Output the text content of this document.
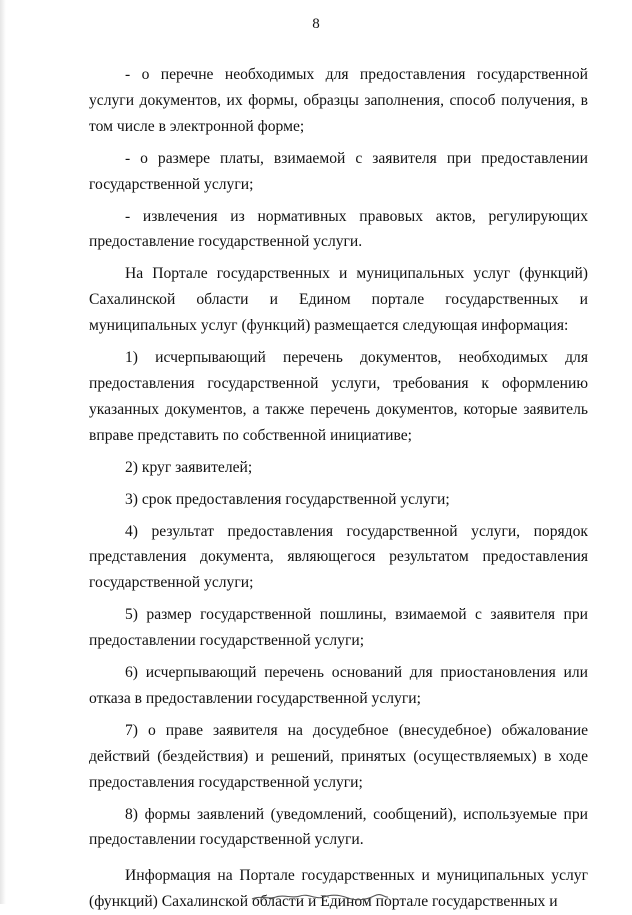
8

- о перечне необходимых для предоставления государственной услуги документов, их формы, образцы заполнения, способ получения, в том числе в электронной форме;

- о размере платы, взимаемой с заявителя при предоставлении государственной услуги;

- извлечения из нормативных правовых актов, регулирующих предоставление государственной услуги.

На Портале государственных и муниципальных услуг (функций) Сахалинской области и Едином портале государственных и муниципальных услуг (функций) размещается следующая информация:

1) исчерпывающий перечень документов, необходимых для предоставления государственной услуги, требования к оформлению указанных документов, а также перечень документов, которые заявитель вправе представить по собственной инициативе;

2) круг заявителей;

3) срок предоставления государственной услуги;

4) результат предоставления государственной услуги, порядок представления документа, являющегося результатом предоставления государственной услуги;

5) размер государственной пошлины, взимаемой с заявителя при предоставлении государственной услуги;

6) исчерпывающий перечень оснований для приостановления или отказа в предоставлении государственной услуги;

7) о праве заявителя на досудебное (внесудебное) обжалование действий (бездействия) и решений, принятых (осуществляемых) в ходе предоставления государственной услуги;

8) формы заявлений (уведомлений, сообщений), используемые при предоставлении государственной услуги.

Информация на Портале государственных и муниципальных услуг (функций) Сахалинской области и Едином портале государственных и
